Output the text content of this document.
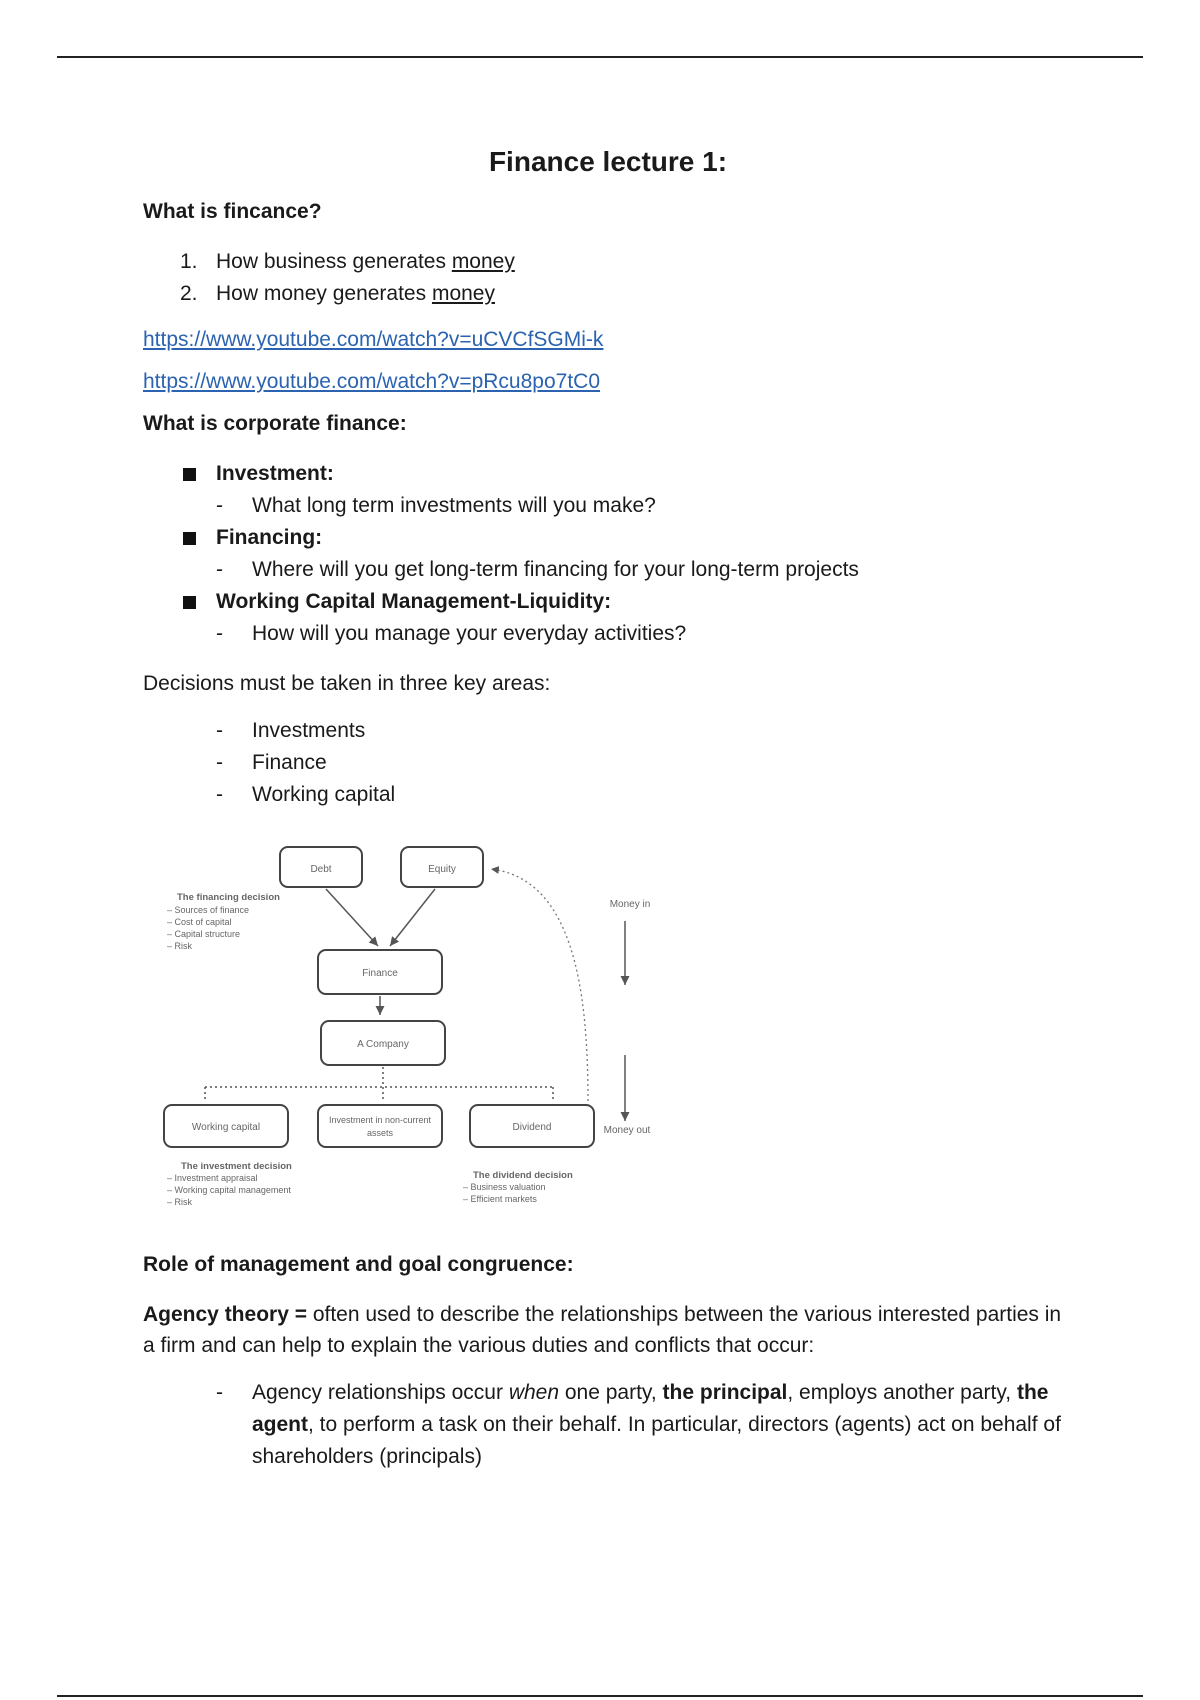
Finance lecture 1:
What is fincance?
1. How business generates money
2. How money generates money
https://www.youtube.com/watch?v=uCVCfSGMi-k
https://www.youtube.com/watch?v=pRcu8po7tC0
What is corporate finance:
Investment:
- What long term investments will you make?
Financing:
- Where will you get long-term financing for your long-term projects
Working Capital Management-Liquidity:
- How will you manage your everyday activities?
Decisions must be taken in three key areas:
- Investments
- Finance
- Working capital
Debt	Equity
Finance
A Company
Working capital
Investment in non-current
assets	Dividend
Money in
Money out
The financing decision
– Sources of finance
– Cost of capital
– Capital structure
– Risk
The investment decision
– Investment appraisal
– Working capital management
– Risk
The dividend decision
– Business valuation
– Efficient markets
Role of management and goal congruence:
Agency theory = often used to describe the relationships between the various interested parties in a firm and can help to explain the various duties and conflicts that occur:
- Agency relationships occur when one party, the principal, employs another party, the agent, to perform a task on their behalf. In particular, directors (agents) act on behalf of shareholders (principals)
